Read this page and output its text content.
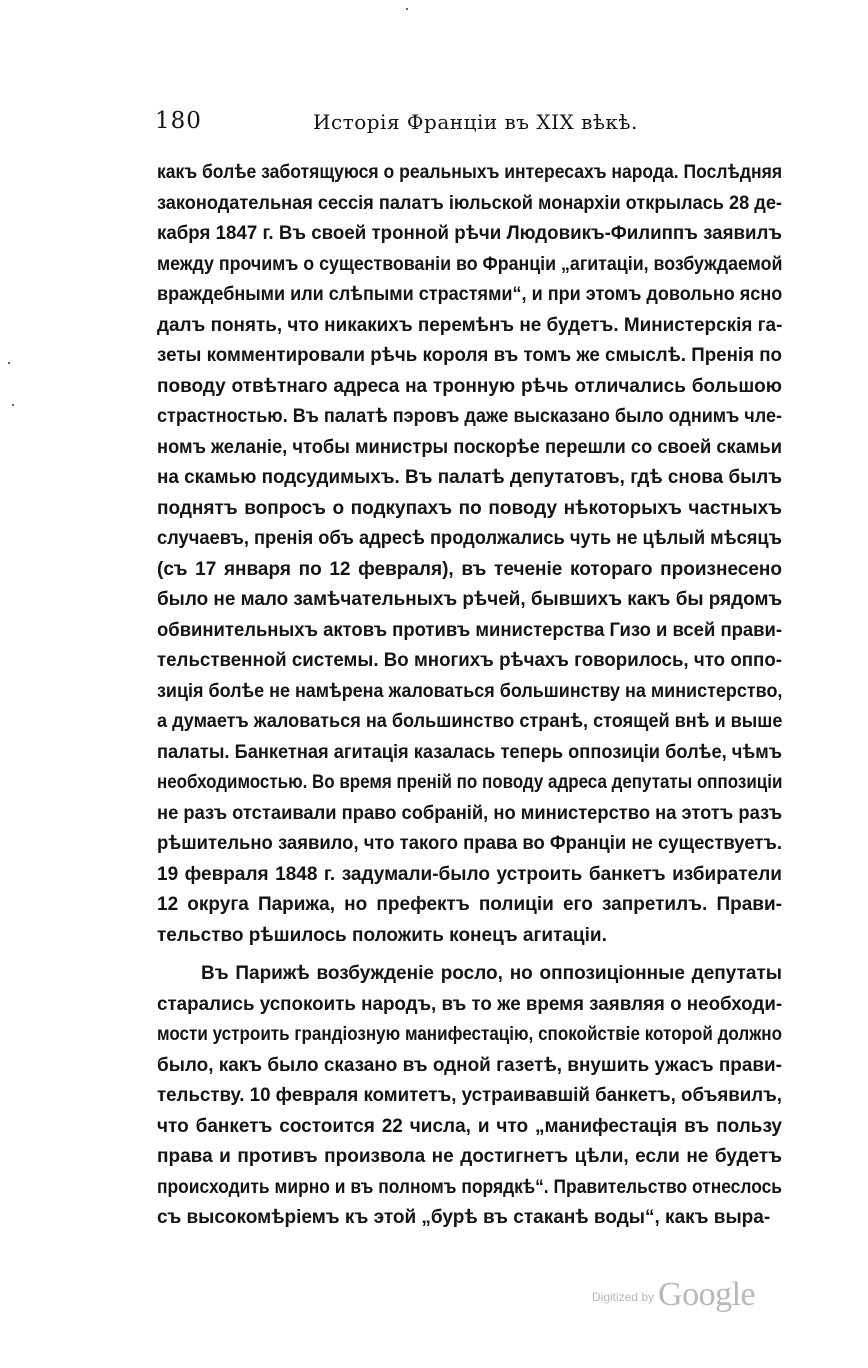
180	Исторія Франціи въ XIX вѣкѣ.
какъ болѣе заботящуюся о реальныхъ интересахъ народа. Послѣдняя
законодательная сессія палатъ іюльской монархіи открылась 28 де-
кабря 1847 г. Въ своей тронной рѣчи Людовикъ-Филиппъ заявилъ
между прочимъ о существованіи во Франціи „агитаціи, возбуждаемой
враждебными или слѣпыми страстями“, и при этомъ довольно ясно
далъ понять, что никакихъ перемѣнъ не будетъ. Министерскія га-
зеты комментировали рѣчь короля въ томъ же смыслѣ. Пренія по
поводу отвѣтнаго адреса на тронную рѣчь отличались большою
страстностью. Въ палатѣ пэровъ даже высказано было однимъ чле-
номъ желаніе, чтобы министры поскорѣе перешли со своей скамьи
на скамью подсудимыхъ. Въ палатѣ депутатовъ, гдѣ снова былъ
поднятъ вопросъ о подкупахъ по поводу нѣкоторыхъ частныхъ
случаевъ, пренія объ адресѣ продолжались чуть не цѣлый мѣсяцъ
(съ 17 января по 12 февраля), въ теченіе котораго произнесено
было не мало замѣчательныхъ рѣчей, бывшихъ какъ бы рядомъ
обвинительныхъ актовъ противъ министерства Гизо и всей прави-
тельственной системы. Во многихъ рѣчахъ говорилось, что оппо-
зиція болѣе не намѣрена жаловаться большинству на министерство,
а думаетъ жаловаться на большинство странѣ, стоящей внѣ и выше
палаты. Банкетная агитація казалась теперь оппозиціи болѣе, чѣмъ
необходимостью. Во время преній по поводу адреса депутаты оппозиціи
не разъ отстаивали право собраній, но министерство на этотъ разъ
рѣшительно заявило, что такого права во Франціи не существуетъ.
19 февраля 1848 г. задумали-было устроить банкетъ избиратели
12 округа Парижа, но префектъ полиціи его запретилъ. Прави-
тельство рѣшилось положить конецъ агитаціи.
Въ Парижѣ возбужденіе росло, но оппозиціонные депутаты
старались успокоить народъ, въ то же время заявляя о необходи-
мости устроить грандіозную манифестацію, спокойствіе которой должно
было, какъ было сказано въ одной газетѣ, внушить ужасъ прави-
тельству. 10 февраля комитетъ, устраивавшій банкетъ, объявилъ,
что банкетъ состоится 22 числа, и что „манифестація въ пользу
права и противъ произвола не достигнетъ цѣли, если не будетъ
происходить мирно и въ полномъ порядкѣ“. Правительство отнеслось
съ высокомѣріемъ къ этой „бурѣ въ стаканѣ воды“, какъ выра-
$^{Digitized by}$ Google
